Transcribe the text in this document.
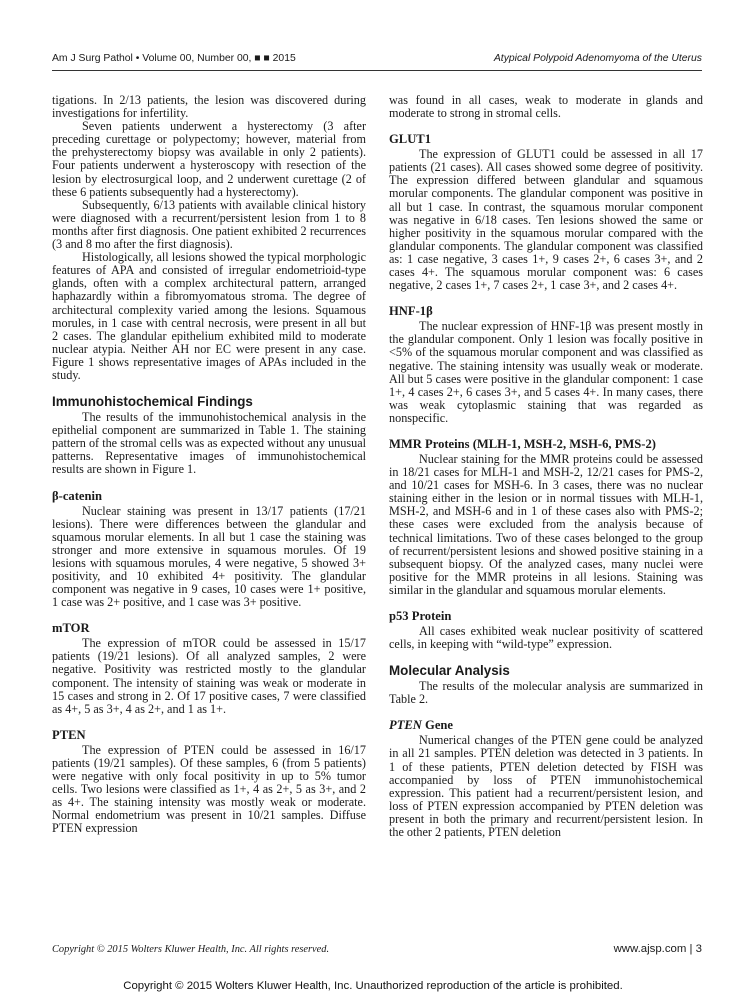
Am J Surg Pathol • Volume 00, Number 00, ■ ■ 2015	Atypical Polypoid Adenomyoma of the Uterus

tigations. In 2/13 patients, the lesion was discovered during investigations for infertility.

Seven patients underwent a hysterectomy (3 after preceding curettage or polypectomy; however, material from the prehysterectomy biopsy was available in only 2 patients). Four patients underwent a hysteroscopy with resection of the lesion by electrosurgical loop, and 2 underwent curettage (2 of these 6 patients subsequently had a hysterectomy).

Subsequently, 6/13 patients with available clinical history were diagnosed with a recurrent/persistent lesion from 1 to 8 months after first diagnosis. One patient exhibited 2 recurrences (3 and 8 mo after the first diagnosis).

Histologically, all lesions showed the typical morphologic features of APA and consisted of irregular endometrioid-type glands, often with a complex architectural pattern, arranged haphazardly within a fibromyomatous stroma. The degree of architectural complexity varied among the lesions. Squamous morules, in 1 case with central necrosis, were present in all but 2 cases. The glandular epithelium exhibited mild to moderate nuclear atypia. Neither AH nor EC were present in any case. Figure 1 shows representative images of APAs included in the study.

Immunohistochemical Findings

The results of the immunohistochemical analysis in the epithelial component are summarized in Table 1. The staining pattern of the stromal cells was as expected without any unusual patterns. Representative images of immunohistochemical results are shown in Figure 1.

β-catenin

Nuclear staining was present in 13/17 patients (17/21 lesions). There were differences between the glandular and squamous morular elements. In all but 1 case the staining was stronger and more extensive in squamous morules. Of 19 lesions with squamous morules, 4 were negative, 5 showed 3+ positivity, and 10 exhibited 4+ positivity. The glandular component was negative in 9 cases, 10 cases were 1+ positive, 1 case was 2+ positive, and 1 case was 3+ positive.

mTOR

The expression of mTOR could be assessed in 15/17 patients (19/21 lesions). Of all analyzed samples, 2 were negative. Positivity was restricted mostly to the glandular component. The intensity of staining was weak or moderate in 15 cases and strong in 2. Of 17 positive cases, 7 were classified as 4+, 5 as 3+, 4 as 2+, and 1 as 1+.

PTEN

The expression of PTEN could be assessed in 16/17 patients (19/21 samples). Of these samples, 6 (from 5 patients) were negative with only focal positivity in up to 5% tumor cells. Two lesions were classified as 1+, 4 as 2+, 5 as 3+, and 2 as 4+. The staining intensity was mostly weak or moderate. Normal endometrium was present in 10/21 samples. Diffuse PTEN expression

was found in all cases, weak to moderate in glands and moderate to strong in stromal cells.

GLUT1

The expression of GLUT1 could be assessed in all 17 patients (21 cases). All cases showed some degree of positivity. The expression differed between glandular and squamous morular components. The glandular component was positive in all but 1 case. In contrast, the squamous morular component was negative in 6/18 cases. Ten lesions showed the same or higher positivity in the squamous morular compared with the glandular components. The glandular component was classified as: 1 case negative, 3 cases 1+, 9 cases 2+, 6 cases 3+, and 2 cases 4+. The squamous morular component was: 6 cases negative, 2 cases 1+, 7 cases 2+, 1 case 3+, and 2 cases 4+.

HNF-1β

The nuclear expression of HNF-1β was present mostly in the glandular component. Only 1 lesion was focally positive in <5% of the squamous morular component and was classified as negative. The staining intensity was usually weak or moderate. All but 5 cases were positive in the glandular component: 1 case 1+, 4 cases 2+, 6 cases 3+, and 5 cases 4+. In many cases, there was weak cytoplasmic staining that was regarded as nonspecific.

MMR Proteins (MLH-1, MSH-2, MSH-6, PMS-2)

Nuclear staining for the MMR proteins could be assessed in 18/21 cases for MLH-1 and MSH-2, 12/21 cases for PMS-2, and 10/21 cases for MSH-6. In 3 cases, there was no nuclear staining either in the lesion or in normal tissues with MLH-1, MSH-2, and MSH-6 and in 1 of these cases also with PMS-2; these cases were excluded from the analysis because of technical limitations. Two of these cases belonged to the group of recurrent/persistent lesions and showed positive staining in a subsequent biopsy. Of the analyzed cases, many nuclei were positive for the MMR proteins in all lesions. Staining was similar in the glandular and squamous morular elements.

p53 Protein

All cases exhibited weak nuclear positivity of scattered cells, in keeping with “wild-type” expression.

Molecular Analysis

The results of the molecular analysis are summarized in Table 2.

PTEN Gene

Numerical changes of the PTEN gene could be analyzed in all 21 samples. PTEN deletion was detected in 3 patients. In 1 of these patients, PTEN deletion detected by FISH was accompanied by loss of PTEN immunohistochemical expression. This patient had a recurrent/persistent lesion, and loss of PTEN expression accompanied by PTEN deletion was present in both the primary and recurrent/persistent lesion. In the other 2 patients, PTEN deletion

Copyright © 2015 Wolters Kluwer Health, Inc. All rights reserved.	www.ajsp.com | 3
Copyright © 2015 Wolters Kluwer Health, Inc. Unauthorized reproduction of the article is prohibited.
